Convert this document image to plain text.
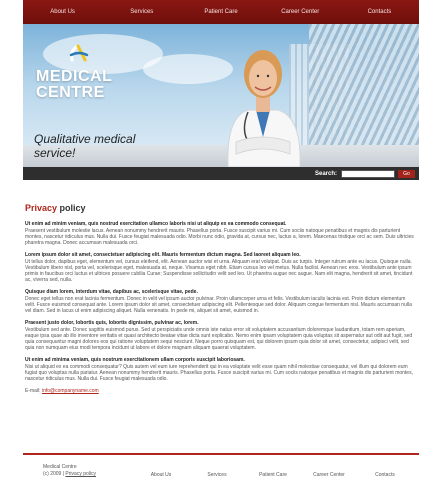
About Us	Services	Patient Care	Career Center	Contacts
MEDICAL
CENTRE
Qualitative medical
service!
Search:	Go
Privacy policy

Ut enim ad minim veniam, quis nostrud exercitation ullamco laboris nisi ut aliquip ex ea commodo consequat.

Praesent vestibulum molestie lacus. Aenean nonummy hendrerit mauris. Phasellus porta. Fusce suscipit varius mi. Cum sociis natoque penatibus et magnis dis parturient montes, nascetur ridiculus mus. Nulla dui. Fusce feugiat malesuada odio. Morbi nunc odio, gravida at, cursus nec, luctus a, lorem. Maecenas tristique orci ac sem. Duis ultricies pharetra magna. Donec accumsan malesuada orci.

Lorem ipsum dolor sit amet, consectetuer adipiscing elit. Mauris fermentum dictum magna. Sed laoreet aliquam leo.

Ut tellus dolor, dapibus eget, elementum vel, cursus eleifend, elit. Aenean auctor wisi et urna. Aliquam erat volutpat. Duis ac turpis. Integer rutrum ante eu lacus. Quisque nulla. Vestibulum libero nisl, porta vel, scelerisque eget, malesuada at, neque. Vivamus eget nibh. Etiam cursus leo vel metus. Nulla facilisi. Aenean nec eros. Vestibulum ante ipsum primis in faucibus orci luctus et ultrices posuere cubilia Curae; Suspendisse sollicitudin velit sed leo. Ut pharetra augue nec augue. Nam elit magna, hendrerit sit amet, tincidunt ac, viverra sed, nulla.

Quisque diam lorem, interdum vitae, dapibus ac, scelerisque vitae, pede.

Donec eget tellus non erat lacinia fermentum. Donec in velit vel ipsum auctor pulvinar. Proin ullamcorper urna et felis. Vestibulum iaculis lacinia est. Proin dictum elementum velit. Fusce euismod consequat ante. Lorem ipsum dolor sit amet, consectetuer adipiscing elit. Pellentesque sed dolor. Aliquam congue fermentum nisl. Mauris accumsan nulla vel diam. Sed in lacus ut enim adipiscing aliquet. Nulla venenatis. In pede mi, aliquet sit amet, euismod in.

Praesent justo dolor, lobortis quis, lobortis dignissim, pulvinar ac, lorem.

Vestibulum sed ante. Donec sagittis euismod purus. Sed ut perspiciatis unde omnis iste natus error sit voluptatem accusantium doloremque laudantium, totam rem aperiam, eaque ipsa quae ab illo inventore veritatis et quasi architecto beatae vitae dicta sunt explicabo. Nemo enim ipsam voluptatem quia voluptas sit aspernatur aut odit aut fugit, sed quia consequuntur magni dolores eos qui ratione voluptatem sequi nesciunt. Neque porro quisquam est, qui dolorem ipsum quia dolor sit amet, consectetur, adipisci velit, sed quia non numquam eius modi tempora incidunt ut labore et dolore magnam aliquam quaerat voluptatem.

Ut enim ad minima veniam, quis nostrum exercitationem ullam corporis suscipit laboriosam.

Nisi ut aliquid ex ea commodi consequatur? Quis autem vel eum iure reprehenderit qui in ea voluptate velit esse quam nihil molestiae consequatur, vel illum qui dolorem eum fugiat quo voluptas nulla pariatur. Aenean nonummy hendrerit mauris. Phasellus porta. Fusce suscipit varius mi. Cum sociis natoque penatibus et magnis dis parturient montes, nascetur ridiculus mus. Nulla dui. Fusce feugiat malesuada odio.

E-mail: info@companyname.com

Medical Centre
(c) 2009 | Privacy policy	About Us	Services	Patient Care	Career Center	Contacts
